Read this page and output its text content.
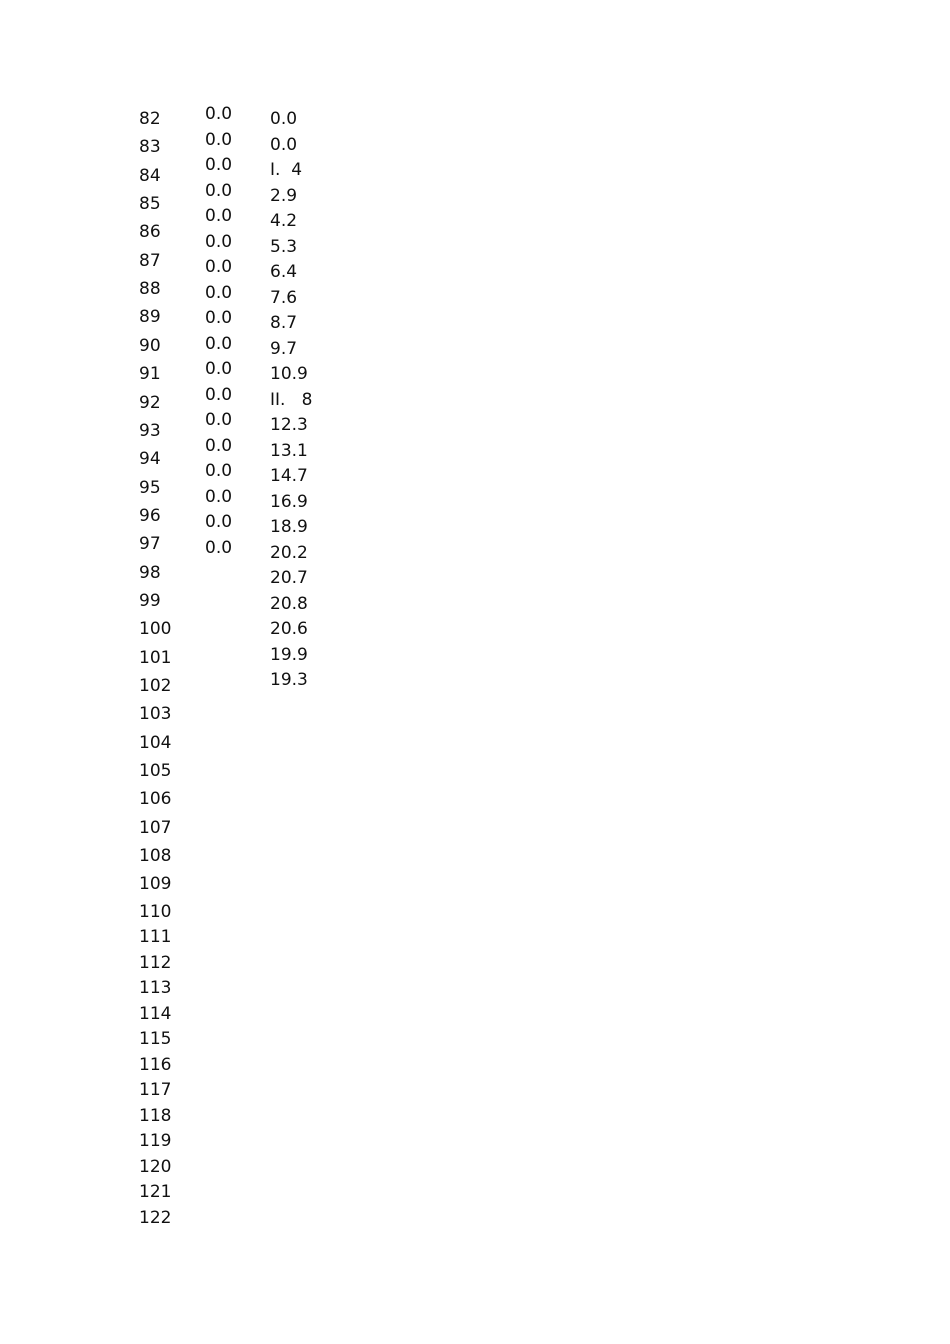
82
83
84
85
86
87
88
89
90
91
92
93
94
95
96
97
98
99
100
101
102
103
104
105
106
107
108
109
110
111
112
113
114
115
116
117
118
119
120
121
122
0.0
0.0
0.0
0.0
0.0
0.0
0.0
0.0
0.0
0.0
0.0
0.0
0.0
0.0
0.0
0.0
0.0
0.0
0.0
0.0
I.  4
2.9
4.2
5.3
6.4
7.6
8.7
9.7
10.9
II.   8
12.3
13.1
14.7
16.9
18.9
20.2
20.7
20.8
20.6
19.9
19.3
